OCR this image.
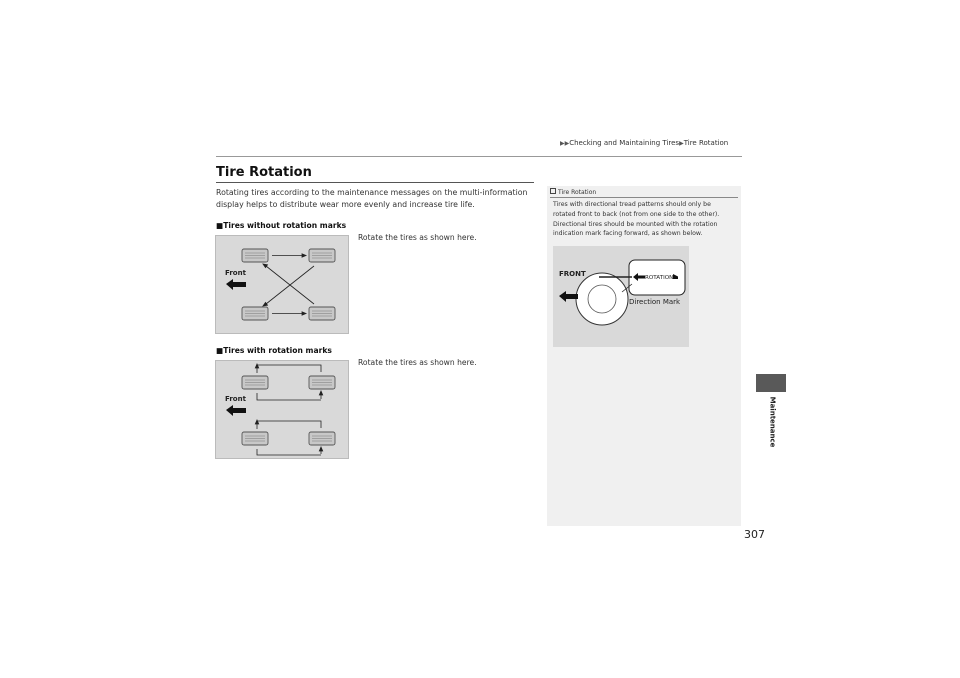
▶▶Checking and Maintaining Tires▶Tire Rotation
Tire Rotation
Rotating tires according to the maintenance messages on the multi-information display helps to distribute wear more evenly and increase tire life.
■Tires without rotation marks
Rotate the tires as shown here.
Front
■Tires with rotation marks
Rotate the tires as shown here.
Front
Tire Rotation
Tires with directional tread patterns should only be rotated front to back (not from one side to the other). Directional tires should be mounted with the rotation indication mark facing forward, as shown below.
ROTATION
FRONT
Direction Mark
Maintenance
307
